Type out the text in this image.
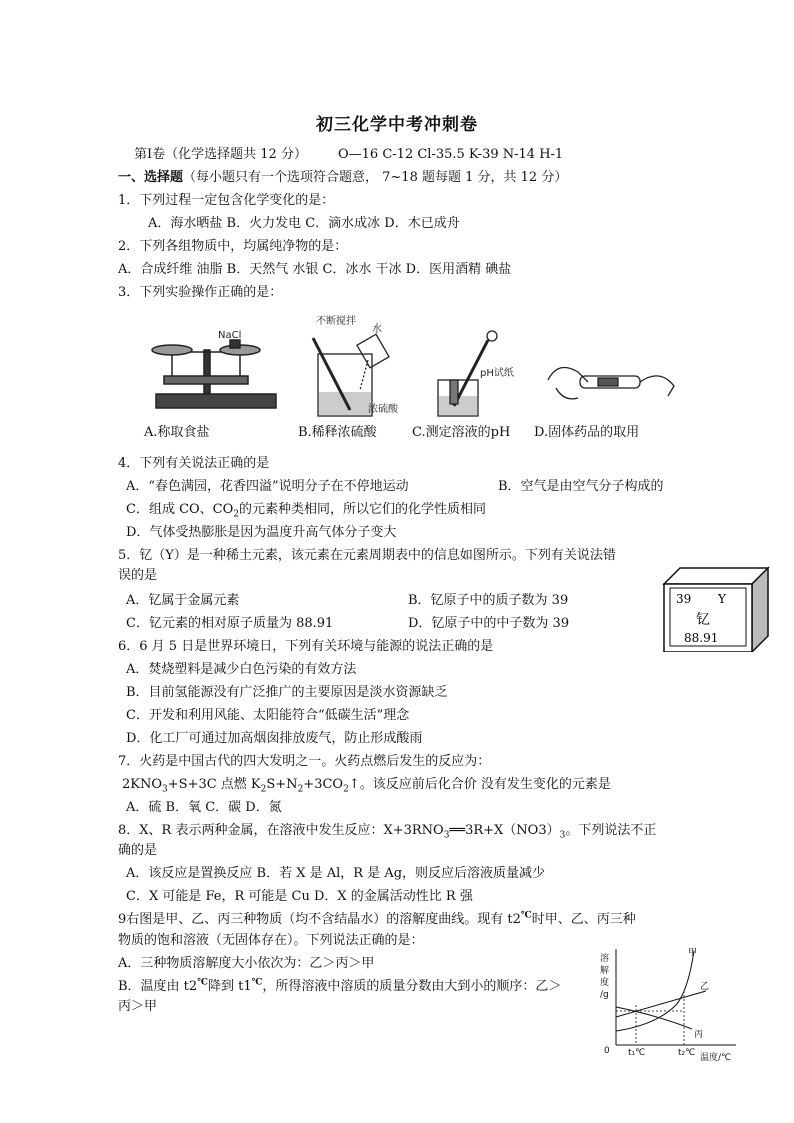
初三化学中考冲刺卷
第Ⅰ卷（化学选择题共 12 分） O—16 C-12 Cl-35.5 K-39 N-14 H-1
一、选择题（每小题只有一个选项符合题意， 7~18 题每题 1 分，共 12 分）
1．下列过程一定包含化学变化的是：
A．海水晒盐 B．火力发电 C．滴水成冰 D．木已成舟
2．下列各组物质中，均属纯净物的是：
A．合成纤维 油脂 B．天然气 水银 C．冰水 干冰 D．医用酒精 碘盐
3．下列实验操作正确的是：
NaCl
不断搅拌
水
浓硫酸
pH试纸
A.称取食盐	B.稀释浓硫酸	C.测定溶液的pH D.固体药品的取用
4．下列有关说法正确的是
A．“春色满园，花香四溢”说明分子在不停地运动	B．空气是由空气分子构成的
C．组成 CO、$CO_2$的元素种类相同，所以它们的化学性质相同
D．气体受热膨胀是因为温度升高气体分子变大
5．钇（Y）是一种稀土元素，该元素在元素周期表中的信息如图所示。下列有关说法错
误的是
A．钇属于金属元素	B．钇原子中的质子数为 39
C．钇元素的相对原子质量为 88.91	D．钇原子中的中子数为 39
39 Y
钇
88.91
6．6 月 5 日是世界环境日，下列有关环境与能源的说法正确的是
A．焚烧塑料是减少白色污染的有效方法
B．目前氢能源没有广泛推广的主要原因是淡水资源缺乏
C．开发和利用风能、太阳能符合“低碳生活”理念
D．化工厂可通过加高烟囱排放废气，防止形成酸雨
7．火药是中国古代的四大发明之一。火药点燃后发生的反应为：
$2KNO_3+S+3C$ 点燃 $K_2S+N_2+3CO_2↑$。该反应前后化合价 没有发生变化的元素是
A．硫 B．氧 C．碳 D．氮
8．X、R 表示两种金属，在溶液中发生反应：$X+3RNO_3══3R+X(NO3)_3$。下列说法不正
确的是
A．该反应是置换反应 B．若 X 是 Al，R 是 Ag，则反应后溶液质量减少
C．X 可能是 Fe，R 可能是 Cu D．X 的金属活动性比 R 强
9右图是甲、乙、丙三种物质（均不含结晶水）的溶解度曲线。现有 t2℃时甲、乙、丙三种
物质的饱和溶液（无固体存在）。下列说法正确的是：
A．三种物质溶解度大小依次为：乙＞丙＞甲
B．温度由 t2℃降到 t1℃，所得溶液中溶质的质量分数由大到小的顺序：乙＞
丙＞甲
溶
解
度
/g
0 t₁℃	t₂℃ 温度/℃
甲
乙
丙
